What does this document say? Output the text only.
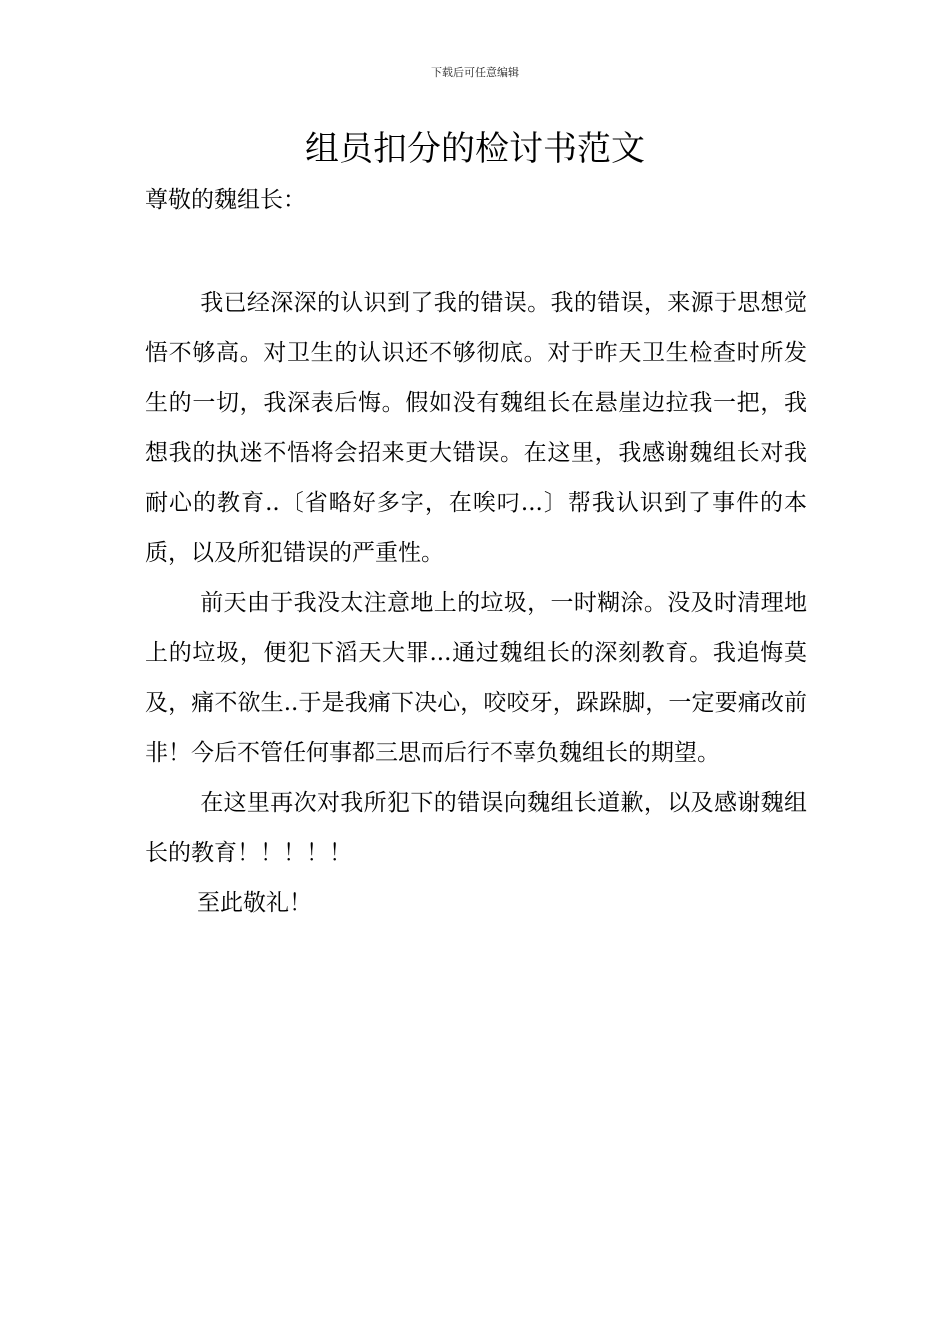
下载后可任意编辑
组员扣分的检讨书范文
尊敬的魏组长：

我已经深深的认识到了我的错误。我的错误，来源于思想觉悟不够高。对卫生的认识还不够彻底。对于昨天卫生检查时所发生的一切，我深表后悔。假如没有魏组长在悬崖边拉我一把，我想我的执迷不悟将会招来更大错误。在这里，我感谢魏组长对我耐心的教育..〔省略好多字，在唉叼...〕帮我认识到了事件的本质，以及所犯错误的严重性。

前天由于我没太注意地上的垃圾，一时糊涂。没及时清理地上的垃圾，便犯下滔天大罪...通过魏组长的深刻教育。我追悔莫及，痛不欲生..于是我痛下决心，咬咬牙，跺跺脚，一定要痛改前非！今后不管任何事都三思而后行不辜负魏组长的期望。

在这里再次对我所犯下的错误向魏组长道歉，以及感谢魏组长的教育！！！！！

至此敬礼！
